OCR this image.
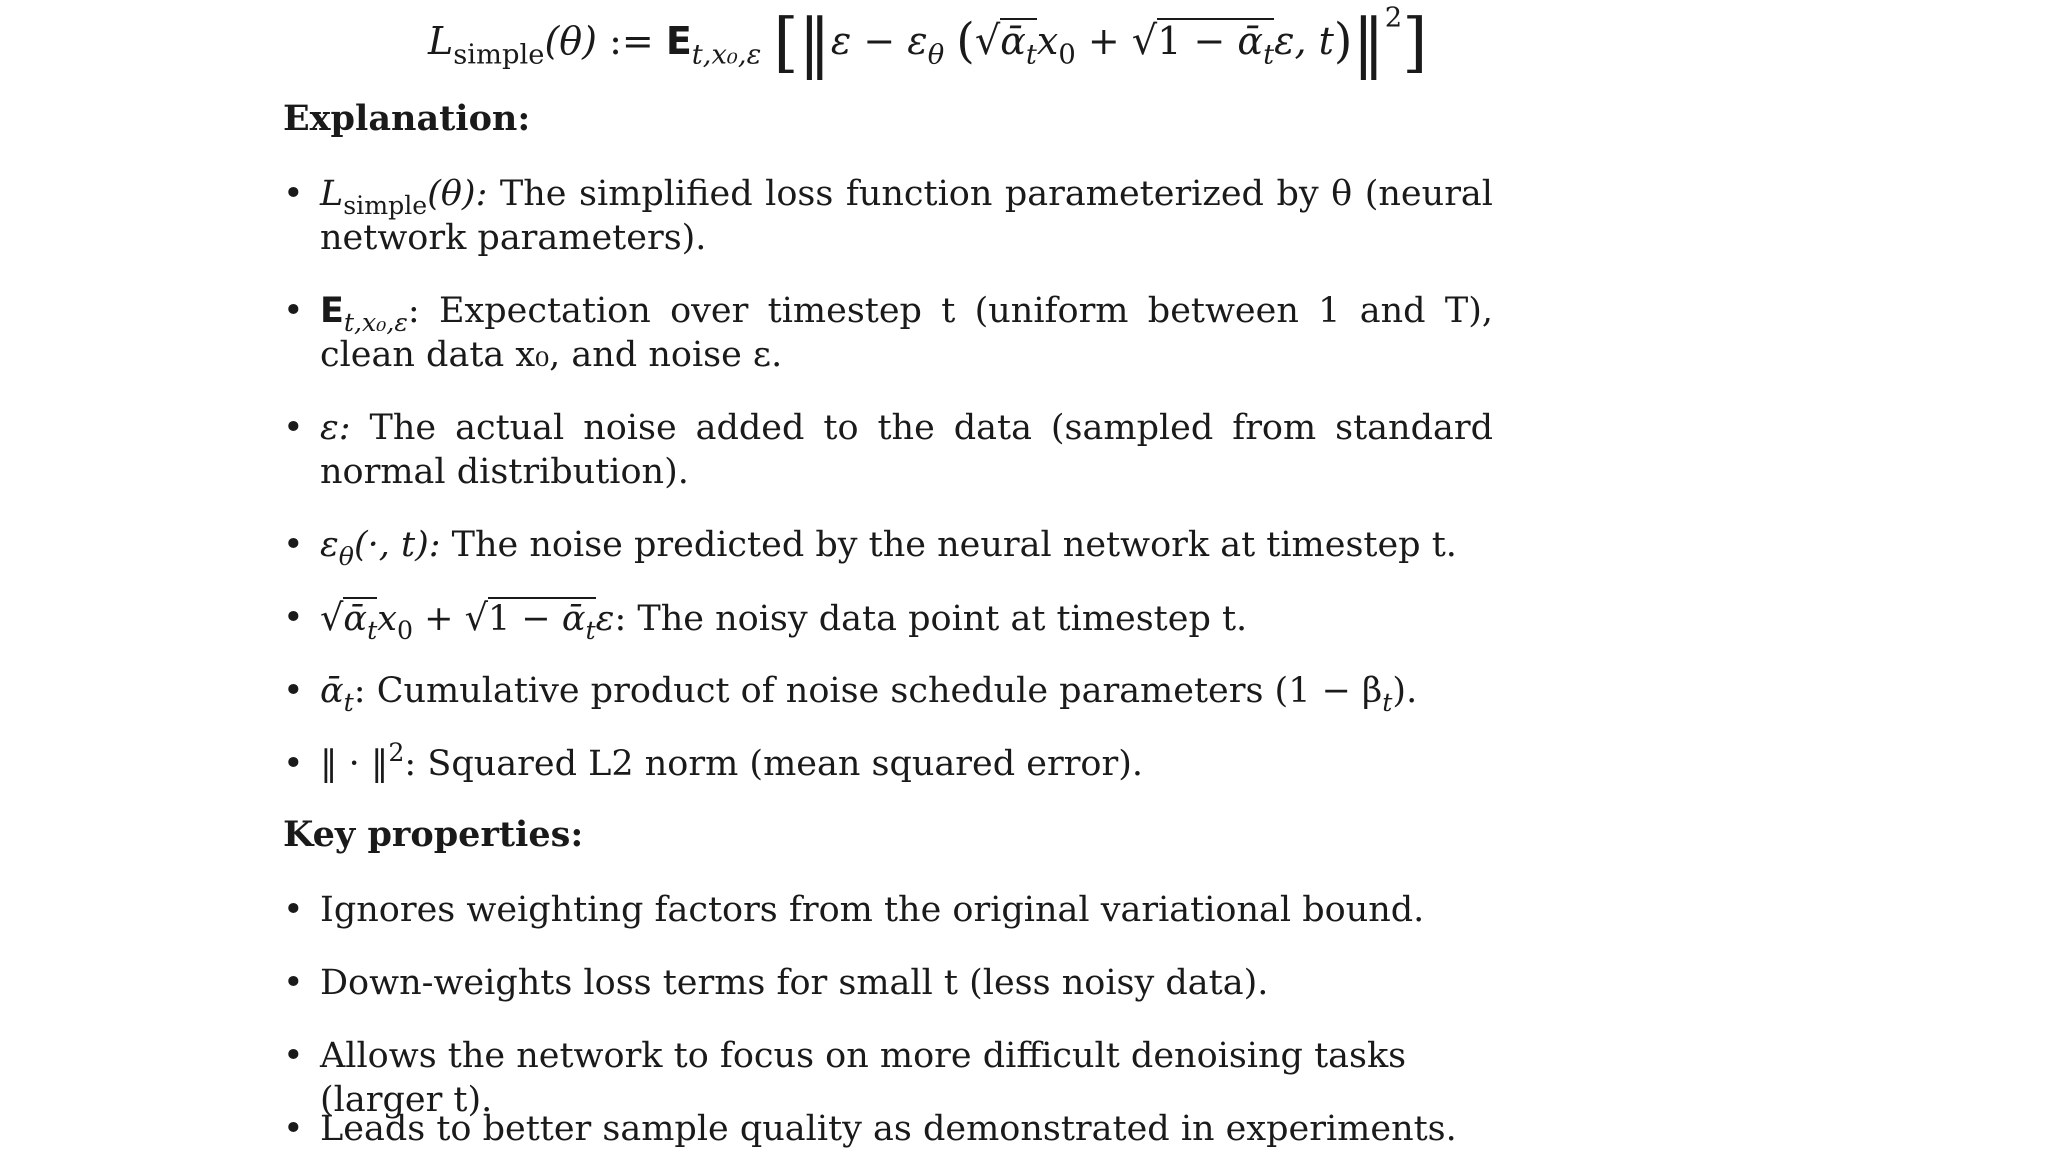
$L_{simple}(\theta)$ := $E_{t,x_0,\varepsilon}$ [‖ε − $\varepsilon_\theta$ ($√ᾱ_tx_0 + √1$ − ᾱ$_t$ε, t)‖$^2$]
Explanation:
• $L_{simple}(\theta)$: The simplified loss function parameterized by θ (neural network parameters).
• $E_{t,x_0,\varepsilon}$: Expectation over timestep t (uniform between 1 and T), clean data x₀, and noise ε.
• ε: The actual noise added to the data (sampled from standard normal distribution).
• $\varepsilon_\theta(\cdot$, t): The noise predicted by the neural network at timestep t.
• $√ᾱ_tx_0 + √1$ − ᾱ$_t$ε: The noisy data point at timestep t.
• ᾱ$_t$: Cumulative product of noise schedule parameters $(1 - \beta_t)$.
• ‖ · ‖$^2$: Squared L2 norm (mean squared error).
Key properties:
• Ignores weighting factors from the original variational bound.
• Down-weights loss terms for small t (less noisy data).
• Allows the network to focus on more difficult denoising tasks (larger t).
• Leads to better sample quality as demonstrated in experiments.
